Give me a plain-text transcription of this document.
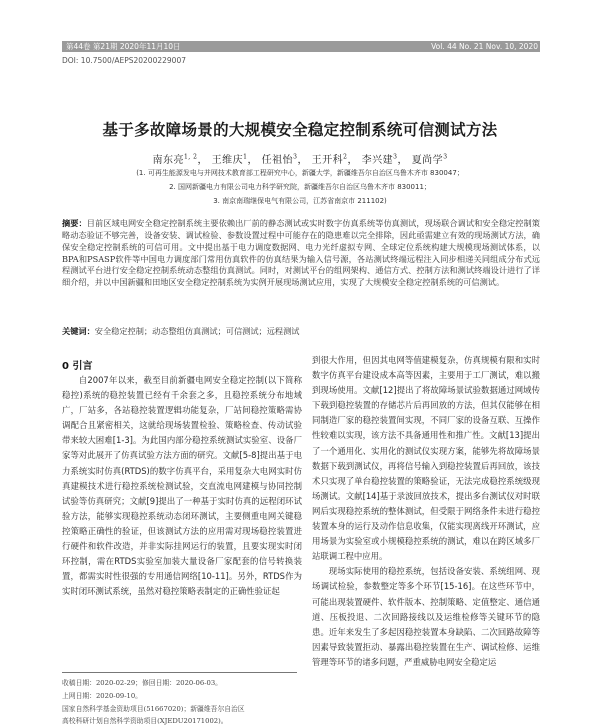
第44卷 第21期 2020年11月10日	Vol. 44 No. 21 Nov. 10, 2020
DOI: 10.7500/AEPS20200229007
基于多故障场景的大规模安全稳定控制系统可信测试方法
南东亮$^{1, 2}$， 王维庆$^1$， 任祖怡$^3$， 王开科$^2$， 李兴建$^3$， 夏尚学$^3$
(1. 可再生能源发电与并网技术教育部工程研究中心，新疆大学，新疆维吾尔自治区乌鲁木齐市 830047；
2. 国网新疆电力有限公司电力科学研究院，新疆维吾尔自治区乌鲁木齐市 830011；
3. 南京南瑞继保电气有限公司，江苏省南京市 211102)
摘要：目前区域电网安全稳定控制系统主要依赖出厂前的静态测试或实时数字仿真系统等仿真测试，现场联合调试和安全稳定控制策略动态验证不够完善，设备安装、调试检验、参数设置过程中可能存在的隐患难以完全排除，因此亟需建立有效的现场测试方法，确保安全稳定控制系统的可信可用。文中提出基于电力调度数据网、电力光纤虚拟专网、全球定位系统构建大规模现场测试体系，以BPA和PSASP软件等中国电力调度部门常用仿真软件的仿真结果为输入信号源，各站测试终端远程注入同步相递关同组成分布式远程测试平台进行安全稳定控制系统动态整组仿真测试。同时，对测试平台的组网架构、通信方式、控制方法和测试终端设计进行了详细介绍，并以中国新疆和田地区安全稳定控制系统为实例开展现场测试应用，实现了大规模安全稳定控制系统的可信测试。
关键词：安全稳定控制；动态整组仿真测试；可信测试；远程测试
0 引言

自2007年以来，截至目前新疆电网安全稳定控制(以下简称稳控)系统的稳控装置已经有千余套之多，且稳控系统分布地域广，厂站多，各站稳控装置逻辑功能复杂，厂站间稳控策略需协调配合且紧密相关，这就给现场装置检验、策略检查、传动试验带来较大困难[1-3]。为此国内部分稳控系统测试实验室、设备厂家等对此展开了仿真试验方法方面的研究。文献[5-8]提出基于电力系统实时仿真(RTDS)的数字仿真平台，采用复杂大电网实时仿真建模技术进行稳控系统检测试验，交直流电网建模与协同控制试验等仿真研究；文献[9]提出了一种基于实时仿真的远程闭环试验方法，能够实现稳控系统动态闭环测试，主要侧重电网关键稳控策略正确性的验证，但该测试方法的应用需对现场稳控装置进行硬件和软件改造，并非实际挂网运行的装置，且要实现实时闭环控制，需在RTDS实验室加装大量设备厂家配套的信号转换装置，都需实时性很强的专用通信网络[10-11]。另外，RTDS作为实时闭环测试系统，虽然对稳控策略表制定的正确性验证起

到很大作用，但因其电网等值建模复杂，仿真规模有限和实时数字仿真平台建设成本高等因素，主要用于工厂测试，难以搬到现场使用。文献[12]提出了将故障场景试验数据通过网域传下载到稳控装置的存储芯片后再回放的方法，但其仅能够在相同制造厂家的稳控装置间实现，不同厂家的设备互联、互操作性较难以实现，该方法不具备通用性和推广性。文献[13]提出了一个通用化、实用化的测试仪实现方案，能够先将故障场景数据下载到测试仪，再将信号输入到稳控装置后再回放，该技术只实现了单台稳控装置的策略验证，无法完成稳控系统级现场测试。文献[14]基于录波回放技术，提出多台测试仪对时联网后实现稳控系统的整体测试，但受限于网络条件未进行稳控装置本身的运行及动作信息收集，仅能实现离线开环测试，应用场景为实验室或小规模稳控系统的测试，难以在跨区域多厂站联调工程中应用。

现场实际使用的稳控系统，包括设备安装、系统组网、现场调试检验，参数整定等多个环节[15-16]。在这些环节中，可能出现装置硬件、软件版本、控制策略、定值整定、通信通道、压板投退、二次回路接线以及运维检修等关键环节的隐患。近年来发生了多起因稳控装置本身缺陷、二次回路故障等因素导致装置拒动、暴露出稳控装置在生产、调试检修、运维管理等环节的诸多问题，严重威胁电网安全稳定运

收稿日期：2020-02-29；修回日期：2020-06-03。
上网日期：2020-09-10。
国家自然科学基金资助项目(51667020)；新疆维吾尔自治区
高校科研计划自然科学资助项目(XJEDU20171002)。
